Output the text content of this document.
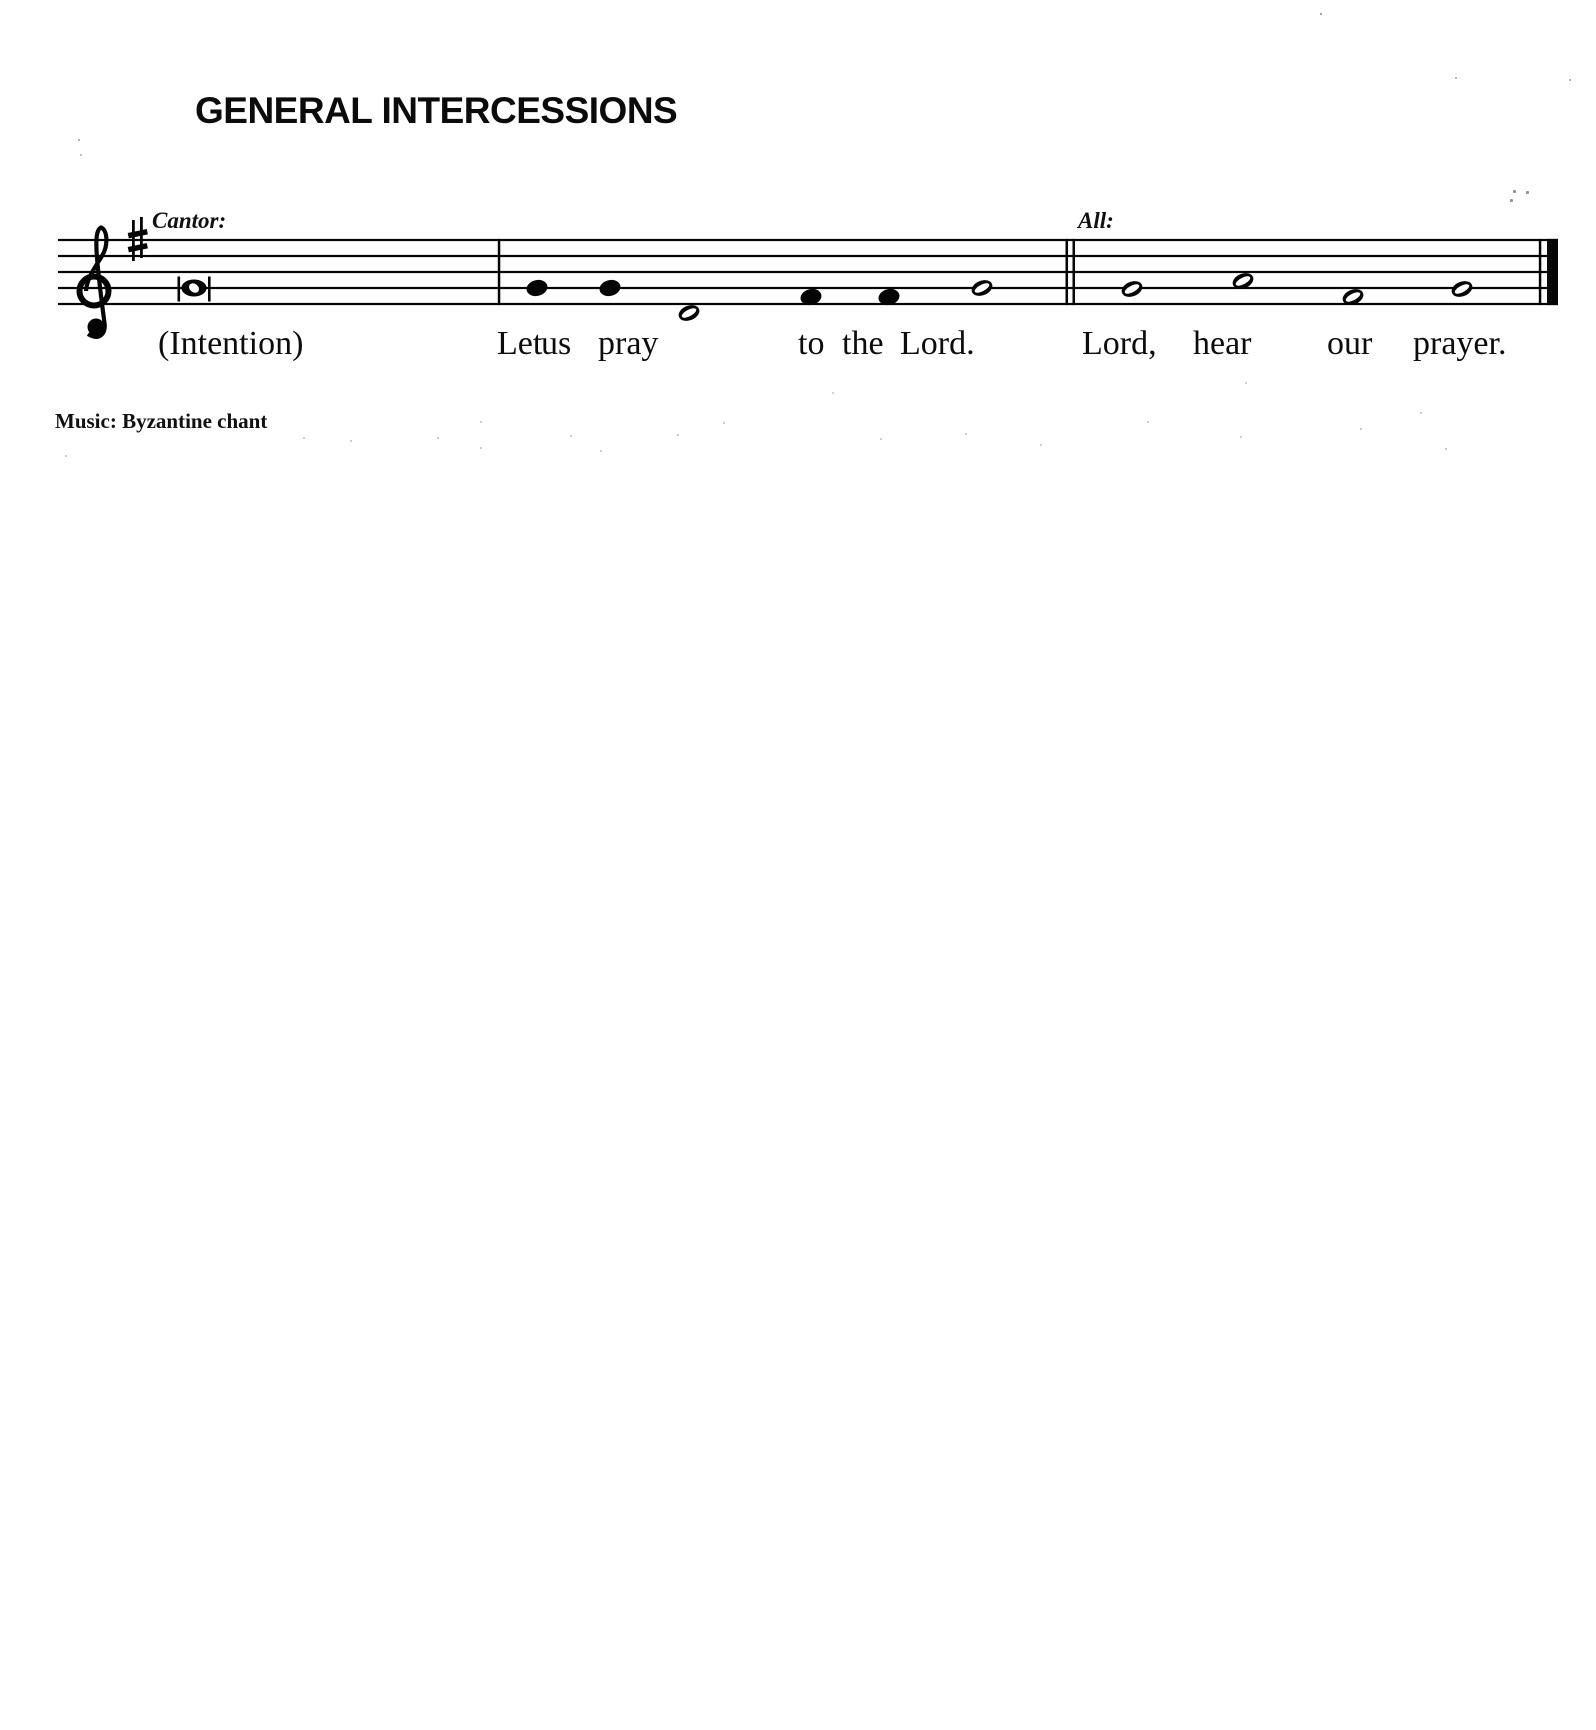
GENERAL INTERCESSIONS
Cantor:	All:
(Intention)	Let
us pray	to the Lord.	Lord, hear our prayer.
Music: Byzantine chant
